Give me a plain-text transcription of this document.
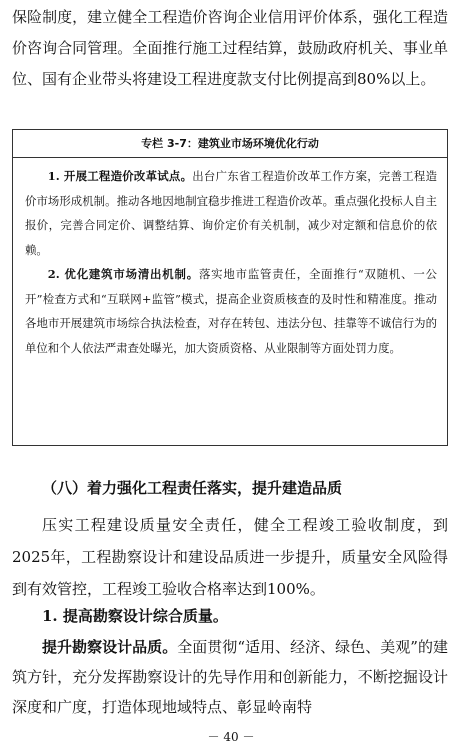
保险制度，建立健全工程造价咨询企业信用评价体系，强化工程造价咨询合同管理。全面推行施工过程结算，鼓励政府机关、事业单位、国有企业带头将建设工程进度款支付比例提高到80%以上。
专栏 3-7：建筑业市场环境优化行动

1. 开展工程造价改革试点。出台广东省工程造价改革工作方案，完善工程造价市场形成机制。推动各地因地制宜稳步推进工程造价改革。重点强化投标人自主报价，完善合同定价、调整结算、询价定价有关机制，减少对定额和信息价的依赖。

2. 优化建筑市场清出机制。落实地市监管责任，全面推行“双随机、一公开”检查方式和“互联网+监管”模式，提高企业资质核查的及时性和精准度。推动各地市开展建筑市场综合执法检查，对存在转包、违法分包、挂靠等不诚信行为的单位和个人依法严肃查处曝光，加大资质资格、从业限制等方面处罚力度。

（八）着力强化工程责任落实，提升建造品质
压实工程建设质量安全责任，健全工程竣工验收制度，到2025年，工程勘察设计和建设品质进一步提升，质量安全风险得到有效管控，工程竣工验收合格率达到100%。
1. 提高勘察设计综合质量。
提升勘察设计品质。全面贯彻“适用、经济、绿色、美观”的建筑方针，充分发挥勘察设计的先导作用和创新能力，不断挖掘设计深度和广度，打造体现地域特点、彰显岭南特
－ 40 －
